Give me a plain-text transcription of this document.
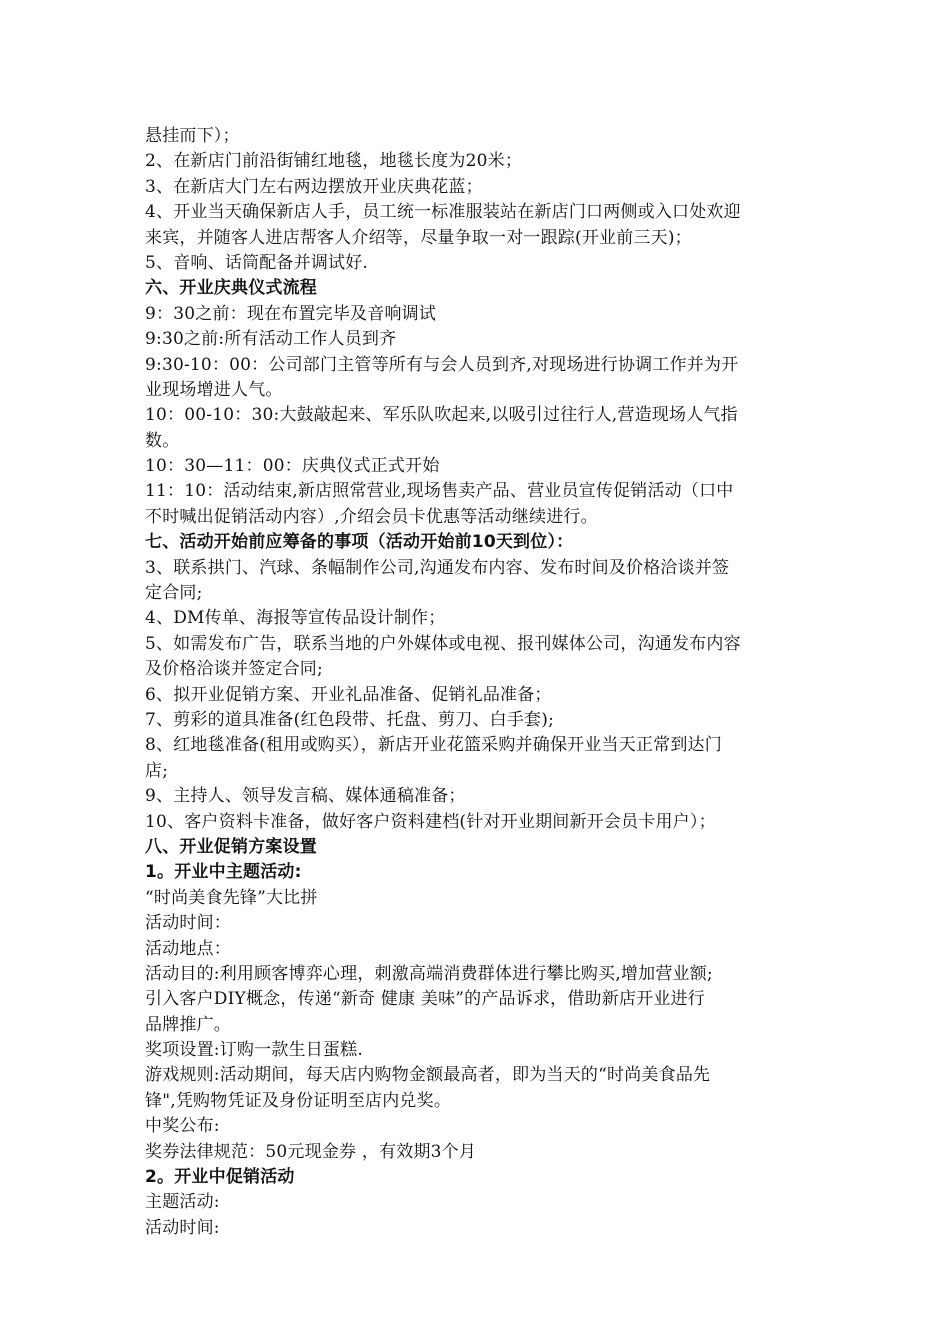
悬挂而下）；

2、在新店门前沿街铺红地毯，地毯长度为20米；

3、在新店大门左右两边摆放开业庆典花蓝；

4、开业当天确保新店人手，员工统一标准服装站在新店门口两侧或入口处欢迎

来宾，并随客人进店帮客人介绍等，尽量争取一对一跟踪(开业前三天)；

5、音响、话筒配备并调试好.

六、开业庆典仪式流程

9：30之前：现在布置完毕及音响调试

9:30之前:所有活动工作人员到齐

9:30-10：00：公司部门主管等所有与会人员到齐,对现场进行协调工作并为开

业现场增进人气。

10：00-10：30:大鼓敲起来、军乐队吹起来,以吸引过往行人,营造现场人气指

数。

10：30—11：00：庆典仪式正式开始

11：10：活动结束,新店照常营业,现场售卖产品、营业员宣传促销活动（口中

不时喊出促销活动内容）,介绍会员卡优惠等活动继续进行。

七、活动开始前应筹备的事项（活动开始前10天到位）：

3、联系拱门、汽球、条幅制作公司,沟通发布内容、发布时间及价格洽谈并签

定合同;

4、DM传单、海报等宣传品设计制作；

5、如需发布广告，联系当地的户外媒体或电视、报刊媒体公司，沟通发布内容

及价格洽谈并签定合同;

6、拟开业促销方案、开业礼品准备、促销礼品准备；

7、剪彩的道具准备(红色段带、托盘、剪刀、白手套);

8、红地毯准备(租用或购买），新店开业花篮采购并确保开业当天正常到达门

店;

9、主持人、领导发言稿、媒体通稿准备；

10、客户资料卡准备，做好客户资料建档(针对开业期间新开会员卡用户）；

八、开业促销方案设置

1。开业中主题活动:

“时尚美食先锋”大比拼

活动时间：

活动地点：

活动目的:利用顾客博弈心理，刺激高端消费群体进行攀比购买,增加营业额;

引入客户DIY概念，传递“新奇 健康 美味”的产品诉求，借助新店开业进行

品牌推广。

奖项设置:订购一款生日蛋糕.

游戏规则:活动期间，每天店内购物金额最高者，即为当天的“时尚美食品先

锋",凭购物凭证及身份证明至店内兑奖。

中奖公布:

奖券法律规范：50元现金券 ，有效期3个月

2。开业中促销活动

主题活动:

活动时间:
